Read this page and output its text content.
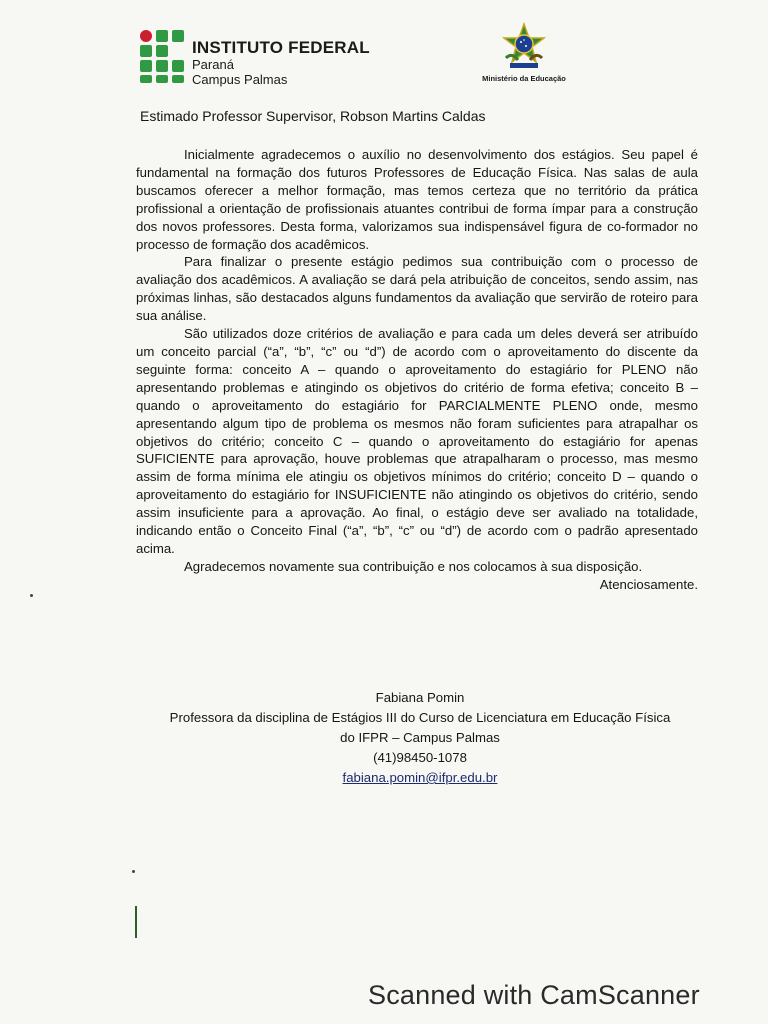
INSTITUTO FEDERAL
Paraná
Campus Palmas	Ministério da Educação
Estimado Professor Supervisor, Robson Martins Caldas

Inicialmente agradecemos o auxílio no desenvolvimento dos estágios. Seu papel é fundamental na formação dos futuros Professores de Educação Física. Nas salas de aula buscamos oferecer a melhor formação, mas temos certeza que no território da prática profissional a orientação de profissionais atuantes contribui de forma ímpar para a construção dos novos professores. Desta forma, valorizamos sua indispensável figura de co-formador no processo de formação dos acadêmicos.

Para finalizar o presente estágio pedimos sua contribuição com o processo de avaliação dos acadêmicos. A avaliação se dará pela atribuição de conceitos, sendo assim, nas próximas linhas, são destacados alguns fundamentos da avaliação que servirão de roteiro para sua análise.

São utilizados doze critérios de avaliação e para cada um deles deverá ser atribuído um conceito parcial (“a”, “b”, “c” ou “d”) de acordo com o aproveitamento do discente da seguinte forma: conceito A – quando o aproveitamento do estagiário for PLENO não apresentando problemas e atingindo os objetivos do critério de forma efetiva; conceito B – quando o aproveitamento do estagiário for PARCIALMENTE PLENO onde, mesmo apresentando algum tipo de problema os mesmos não foram suficientes para atrapalhar os objetivos do critério; conceito C – quando o aproveitamento do estagiário for apenas SUFICIENTE para aprovação, houve problemas que atrapalharam o processo, mas mesmo assim de forma mínima ele atingiu os objetivos mínimos do critério; conceito D – quando o aproveitamento do estagiário for INSUFICIENTE não atingindo os objetivos do critério, sendo assim insuficiente para a aprovação. Ao final, o estágio deve ser avaliado na totalidade, indicando então o Conceito Final (“a”, “b”, “c” ou “d”) de acordo com o padrão apresentado acima.

Agradecemos novamente sua contribuição e nos colocamos à sua disposição.

Atenciosamente.

Fabiana Pomin
Professora da disciplina de Estágios III do Curso de Licenciatura em Educação Física
do IFPR – Campus Palmas
(41)98450-1078
fabiana.pomin@ifpr.edu.br
Scanned with CamScanner
